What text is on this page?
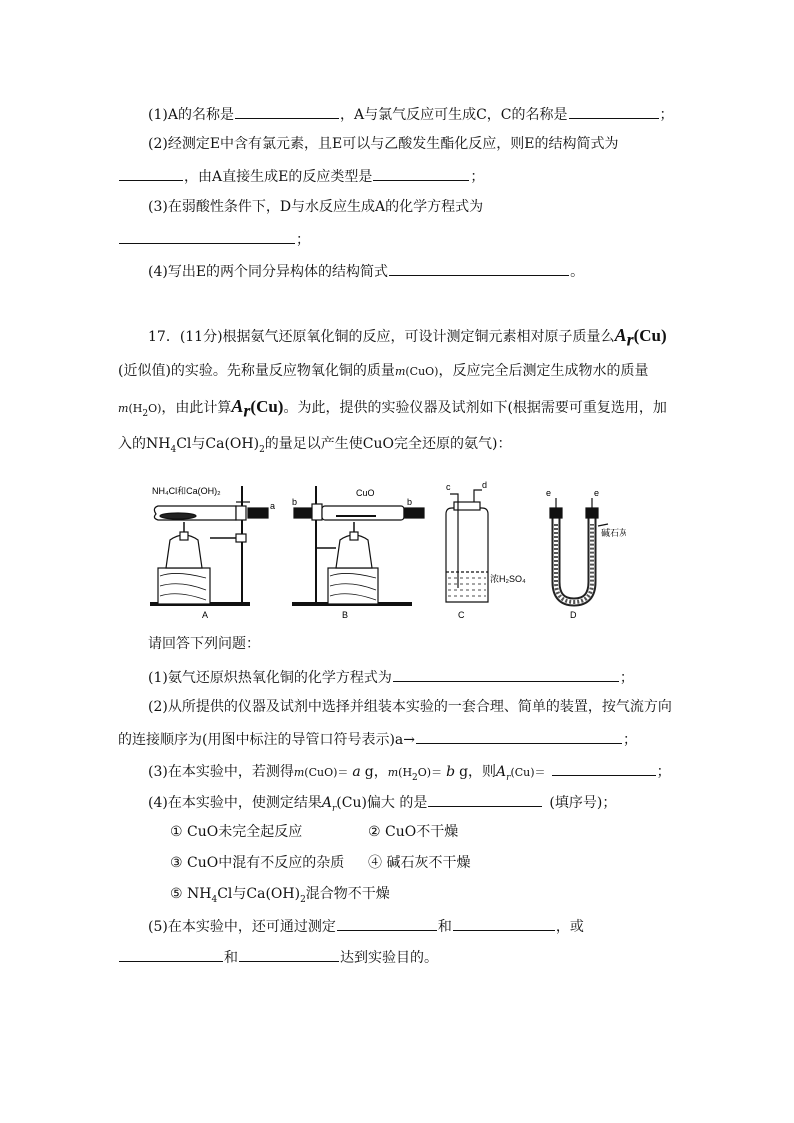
(1)A的名称是	，A与氯气反应可生成C，C的名称是	；
(2)经测定E中含有氯元素，且E可以与乙酸发生酯化反应，则E的结构简式为
，由A直接生成E的反应类型是	；
(3)在弱酸性条件下，D与水反应生成A的化学方程式为
；
(4)写出E的两个同分异构体的结构简式	。
17．(11分)根据氨气还原氧化铜的反应，可设计测定铜元素相对原子质量么$A_r(Cu)$
(近似值)的实验。先称量反应物氧化铜的质量m(CuO)，反应完全后测定生成物水的质量
$m(H_2O)$，由此计算$A_r(Cu)$。为此，提供的实验仪器及试剂如下(根据需要可重复选用，加
入的$NH_4Cl$与$Ca(OH)_2$的量足以产生使CuO完全还原的氨气)：
NH₄Cl和Ca(OH)₂
a
A
b	b
CuO
B
c	d
浓H₂SO₄
C
e	e
碱石灰
D
请回答下列问题：
(1)氨气还原炽热氧化铜的化学方程式为	；
(2)从所提供的仪器及试剂中选择并组装本实验的一套合理、简单的装置，按气流方向
的连接顺序为(用图中标注的导管口符号表示)a→	；
(3)在本实验中，若测得m(CuO)＝ a g，$m(H_2O)= b$ g，则$A_r(Cu)=$	；
(4)在本实验中，使测定结果$A_r(Cu)$偏大 的是	(填序号)；
① CuO未完全起反应	② CuO不干燥
③ CuO中混有不反应的杂质 ④ 碱石灰不干燥
⑤ $NH_4Cl$与$Ca(OH)_2$混合物不干燥
(5)在本实验中，还可通过测定	和	，或
和	达到实验目的。
